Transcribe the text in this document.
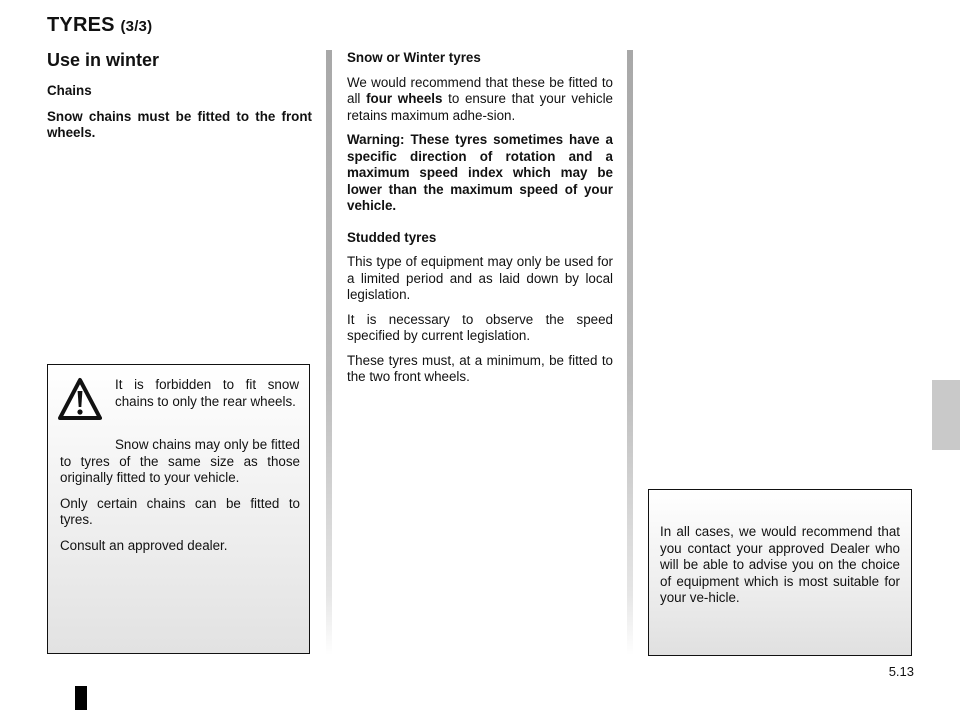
TYRES (3/3)
Use in winter

Chains

Snow chains must be fitted to the front wheels.

Snow or Winter tyres

We would recommend that these be fitted to all four wheels to ensure that your vehicle retains maximum adhe-sion.

Warning: These tyres sometimes have a specific direction of rotation and a maximum speed index which may be lower than the maximum speed of your vehicle.

Studded tyres

This type of equipment may only be used for a limited period and as laid down by local legislation.

It is necessary to observe the speed specified by current legislation.

These tyres must, at a minimum, be fitted to the two front wheels.

It is forbidden to fit snow chains to only the rear wheels.

Snow chains may only be fitted to tyres of the same size as those originally fitted to your vehicle.

Only certain chains can be fitted to tyres.

Consult an approved dealer.

In all cases, we would recommend that you contact your approved Dealer who will be able to advise you on the choice of equipment which is most suitable for your ve-hicle.
5.13
